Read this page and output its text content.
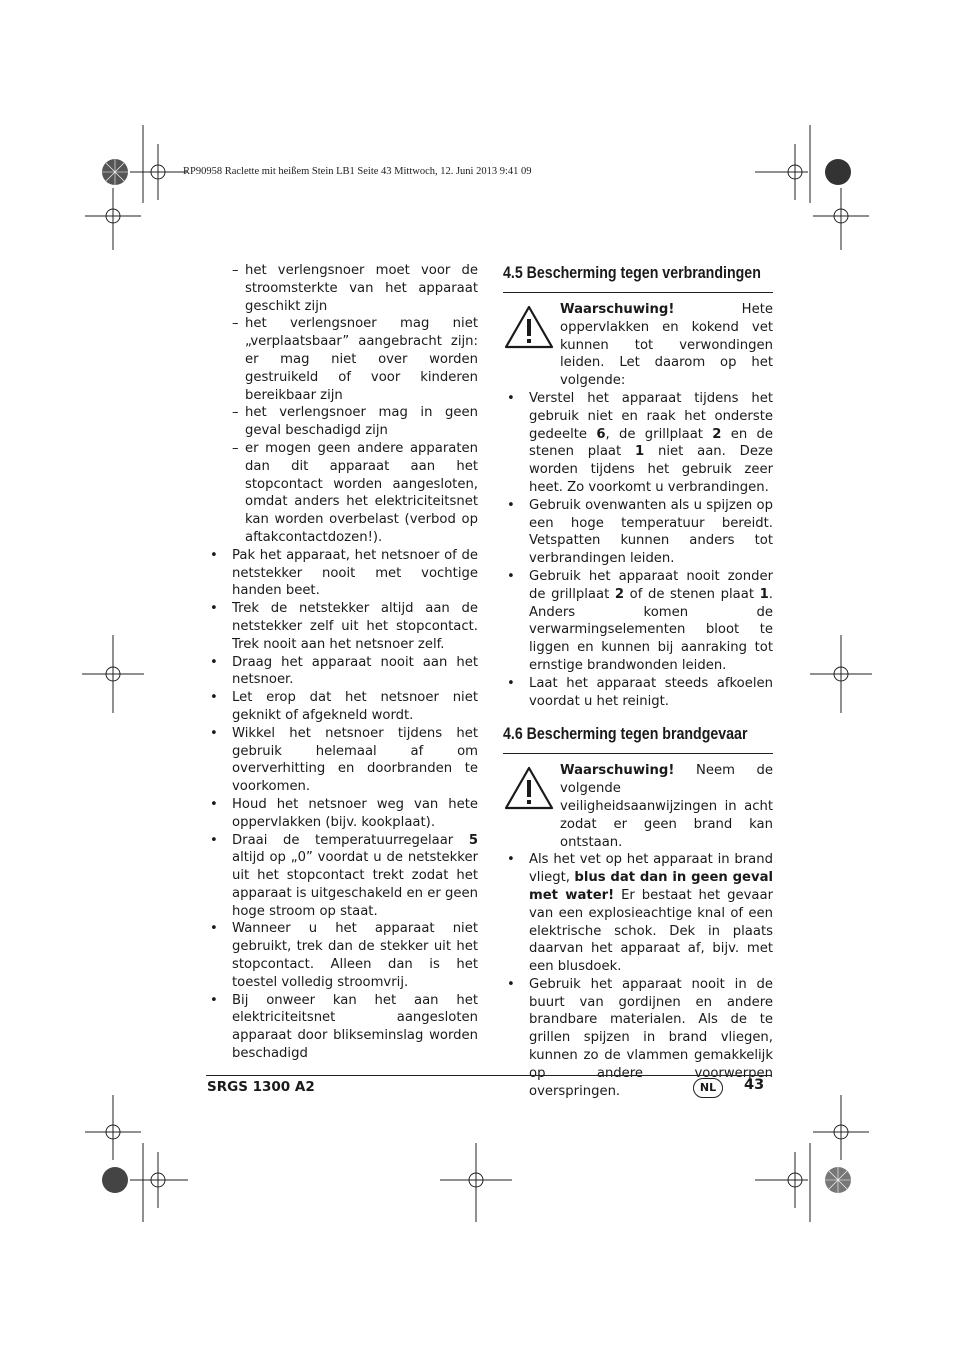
RP90958 Raclette mit heißem Stein LB1 Seite 43 Mittwoch, 12. Juni 2013 9:41 09
– het verlengsnoer moet voor de stroomsterkte van het apparaat geschikt zijn
– het verlengsnoer mag niet „verplaatsbaar” aangebracht zijn: er mag niet over worden gestruikeld of voor kinderen bereikbaar zijn
– het verlengsnoer mag in geen geval beschadigd zijn
– er mogen geen andere apparaten dan dit apparaat aan het stopcontact worden aangesloten, omdat anders het elektriciteitsnet kan worden overbelast (verbod op aftakcontactdozen!).
• Pak het apparaat, het netsnoer of de netstekker nooit met vochtige handen beet.
• Trek de netstekker altijd aan de netstekker zelf uit het stopcontact. Trek nooit aan het netsnoer zelf.
• Draag het apparaat nooit aan het netsnoer.
• Let erop dat het netsnoer niet geknikt of afgeknеld wordt.
• Wikkel het netsnoer tijdens het gebruik helemaal af om oververhitting en doorbranden te voorkomen.
• Houd het netsnoer weg van hete oppervlakken (bijv. kookplaat).
• Draai de temperatuurregelaar 5 altijd op „0” voordat u de netstekker uit het stopcontact trekt zodat het apparaat is uitgeschakeld en er geen hoge stroom op staat.
• Wanneer u het apparaat niet gebruikt, trek dan de stekker uit het stopcontact. Alleen dan is het toestel volledig stroomvrij.
• Bij onweer kan het aan het elektriciteitsnet aangesloten apparaat door blikseminslag worden beschadigd
4.5 Bescherming tegen verbrandingen
Waarschuwing! Hete oppervlakken en kokend vet kunnen tot verwondingen leiden. Let daarom op het volgende:
• Verstel het apparaat tijdens het gebruik niet en raak het onderste gedeelte 6, de grillplaat 2 en de stenen plaat 1 niet aan. Deze worden tijdens het gebruik zeer heet. Zo voorkomt u verbrandingen.
• Gebruik ovenwanten als u spijzen op een hoge temperatuur bereidt. Vetspatten kunnen anders tot verbrandingen leiden.
• Gebruik het apparaat nooit zonder de grillplaat 2 of de stenen plaat 1. Anders komen de verwarmingselementen bloot te liggen en kunnen bij aanraking tot ernstige brandwonden leiden.
• Laat het apparaat steeds afkoelen voordat u het reinigt.
4.6 Bescherming tegen brandgevaar
Waarschuwing! Neem de volgende veiligheidsaanwijzingen in acht zodat er geen brand kan ontstaan.
• Als het vet op het apparaat in brand vliegt, blus dat dan in geen geval met water! Er bestaat het gevaar van een explosieachtige knal of een elektrische schok. Dek in plaats daarvan het apparaat af, bijv. met een blusdoek.
• Gebruik het apparaat nooit in de buurt van gordijnen en andere brandbare materialen. Als de te grillen spijzen in brand vliegen, kunnen zo de vlammen gemakkelijk op andere voorwerpen overspringen.
SRGS 1300 A2	NL	43
